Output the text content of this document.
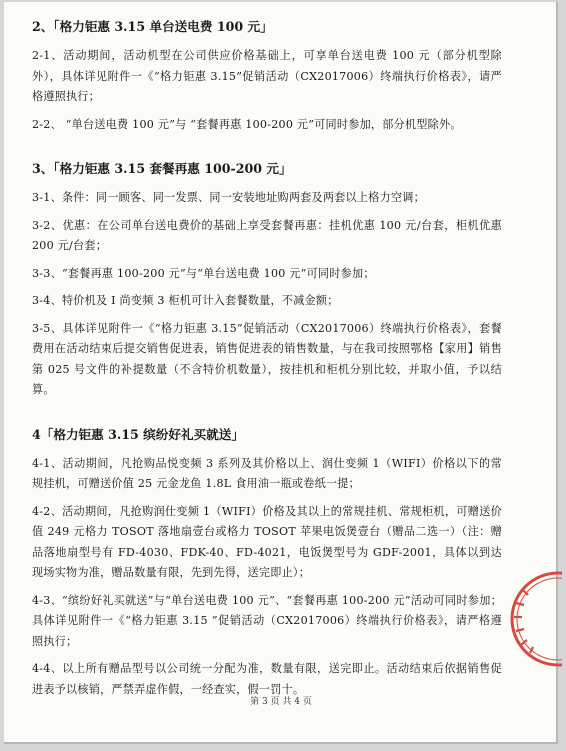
2、「格力钜惠 3.15 单台送电费 100 元」

2-1、活动期间，活动机型在公司供应价格基础上，可享单台送电费 100 元（部分机型除外），具体详见附件一《“格力钜惠 3.15”促销活动（CX2017006）终端执行价格表》，请严格遵照执行；

2-2、 “单台送电费 100 元”与 “套餐再惠 100-200 元”可同时参加，部分机型除外。

3、「格力钜惠 3.15 套餐再惠 100-200 元」

3-1、条件：同一顾客、同一发票、同一安装地址购两套及两套以上格力空调；

3-2、优惠：在公司单台送电费价的基础上享受套餐再惠：挂机优惠 100 元/台套，柜机优惠 200 元/台套；

3-3、“套餐再惠 100-200 元”与“单台送电费 100 元”可同时参加；

3-4、特价机及 I 尚变频 3 柜机可计入套餐数量，不减金额；

3-5、具体详见附件一《“格力钜惠 3.15”促销活动（CX2017006）终端执行价格表》，套餐费用在活动结束后提交销售促进表，销售促进表的销售数量，与在我司按照鄂格【家用】销售第 025 号文件的补提数量（不含特价机数量），按挂机和柜机分别比较，并取小值，予以结算。

4「格力钜惠 3.15 缤纷好礼买就送」

4-1、活动期间，凡抢购品悦变频 3 系列及其价格以上、润仕变频 1（WIFI）价格以下的常规挂机，可赠送价值 25 元金龙鱼 1.8L 食用油一瓶或卷纸一提；

4-2、活动期间，凡抢购润仕变频 1（WIFI）价格及其以上的常规挂机、常规柜机，可赠送价值 249 元格力 TOSOT 落地扇壹台或格力 TOSOT 苹果电饭煲壹台（赠品二选一）（注：赠品落地扇型号有 FD-4030、FDK-40、FD-4021，电饭煲型号为 GDF-2001，具体以到达现场实物为准，赠品数量有限，先到先得，送完即止）；

4-3、“缤纷好礼买就送”与“单台送电费 100 元”、“套餐再惠 100-200 元”活动可同时参加；具体详见附件一《“格力钜惠 3.15 ”促销活动（CX2017006）终端执行价格表》，请严格遵照执行；

4-4、以上所有赠品型号以公司统一分配为准，数量有限，送完即止。活动结束后依据销售促进表予以核销，严禁弄虚作假，一经查实，假一罚十。

第 3 页 共 4 页
